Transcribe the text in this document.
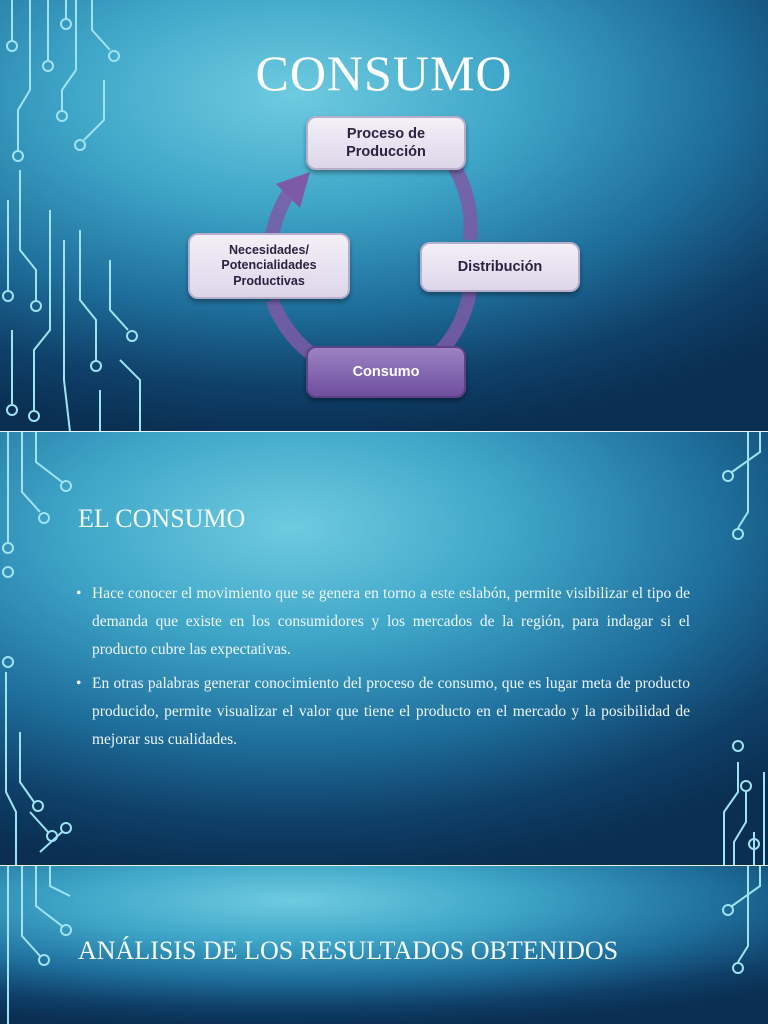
CONSUMO
Proceso de Producción
Distribución
Consumo
Necesidades/ Potencialidades Productivas
EL CONSUMO
• Hace conocer el movimiento que se genera en torno a este eslabón, permite visibilizar el tipo de demanda que existe en los consumidores y los mercados de la región, para indagar si el producto cubre las expectativas.
• En otras palabras generar conocimiento del proceso de consumo, que es lugar meta de producto producido, permite visualizar el valor que tiene el producto en el mercado y la posibilidad de mejorar sus cualidades.
ANÁLISIS DE LOS RESULTADOS OBTENIDOS
